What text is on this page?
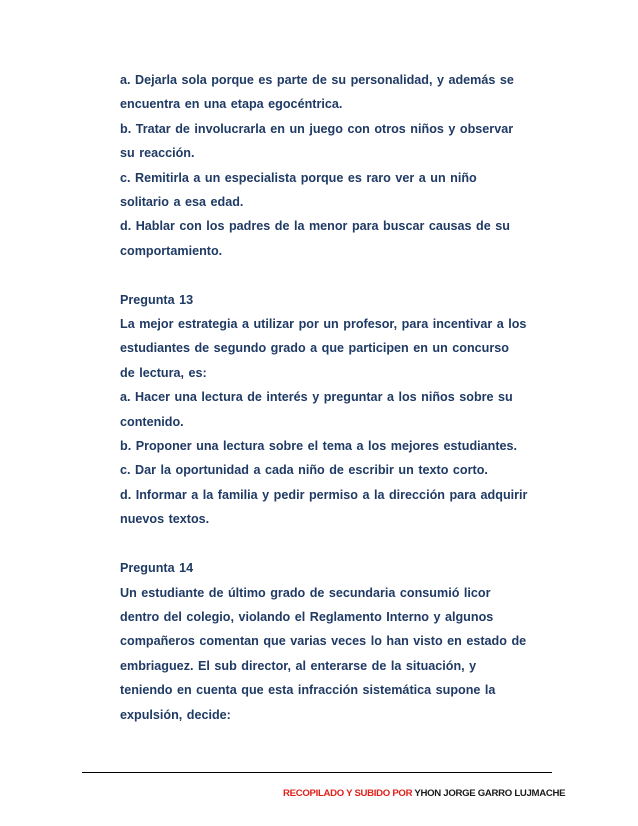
a. Dejarla sola porque es parte de su personalidad, y además se
encuentra en una etapa egocéntrica.
b. Tratar de involucrarla en un juego con otros niños y observar
su reacción.
c. Remitirla a un especialista porque es raro ver a un niño
solitario a esa edad.
d. Hablar con los padres de la menor para buscar causas de su
comportamiento.
Pregunta 13
La mejor estrategia a utilizar por un profesor, para incentivar a los
estudiantes de segundo grado a que participen en un concurso
de lectura, es:
a. Hacer una lectura de interés y preguntar a los niños sobre su
contenido.
b. Proponer una lectura sobre el tema a los mejores estudiantes.
c. Dar la oportunidad a cada niño de escribir un texto corto.
d. Informar a la familia y pedir permiso a la dirección para adquirir
nuevos textos.
Pregunta 14
Un estudiante de último grado de secundaria consumió licor
dentro del colegio, violando el Reglamento Interno y algunos
compañeros comentan que varias veces lo han visto en estado de
embriaguez. El sub director, al enterarse de la situación, y
teniendo en cuenta que esta infracción sistemática supone la
expulsión, decide:
RECOPILADO Y SUBIDO POR YHON JORGE GARRO LUJMACHE
